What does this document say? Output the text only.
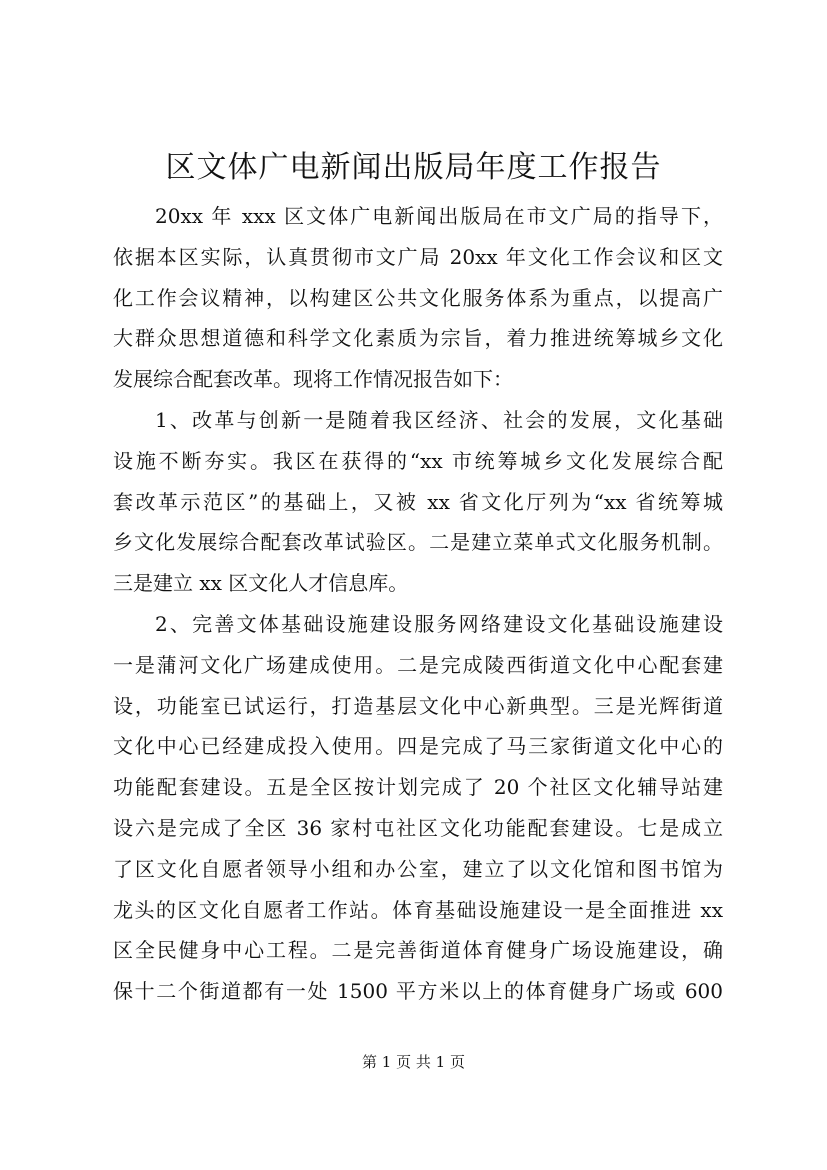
区文体广电新闻出版局年度工作报告
20xx 年 xxx 区文体广电新闻出版局在市文广局的指导下，
依据本区实际，认真贯彻市文广局 20xx 年文化工作会议和区文
化工作会议精神，以构建区公共文化服务体系为重点，以提高广
大群众思想道德和科学文化素质为宗旨，着力推进统筹城乡文化
发展综合配套改革。现将工作情况报告如下：
1、改革与创新一是随着我区经济、社会的发展，文化基础
设施不断夯实。我区在获得的“xx 市统筹城乡文化发展综合配
套改革示范区”的基础上，又被 xx 省文化厅列为“xx 省统筹城
乡文化发展综合配套改革试验区。二是建立菜单式文化服务机制。
三是建立 xx 区文化人才信息库。
2、完善文体基础设施建设服务网络建设文化基础设施建设
一是蒲河文化广场建成使用。二是完成陵西街道文化中心配套建
设，功能室已试运行，打造基层文化中心新典型。三是光辉街道
文化中心已经建成投入使用。四是完成了马三家街道文化中心的
功能配套建设。五是全区按计划完成了 20 个社区文化辅导站建
设六是完成了全区 36 家村屯社区文化功能配套建设。七是成立
了区文化自愿者领导小组和办公室，建立了以文化馆和图书馆为
龙头的区文化自愿者工作站。体育基础设施建设一是全面推进 xx
区全民健身中心工程。二是完善街道体育健身广场设施建设，确
保十二个街道都有一处 1500 平方米以上的体育健身广场或 600
第 1 页 共 1 页
